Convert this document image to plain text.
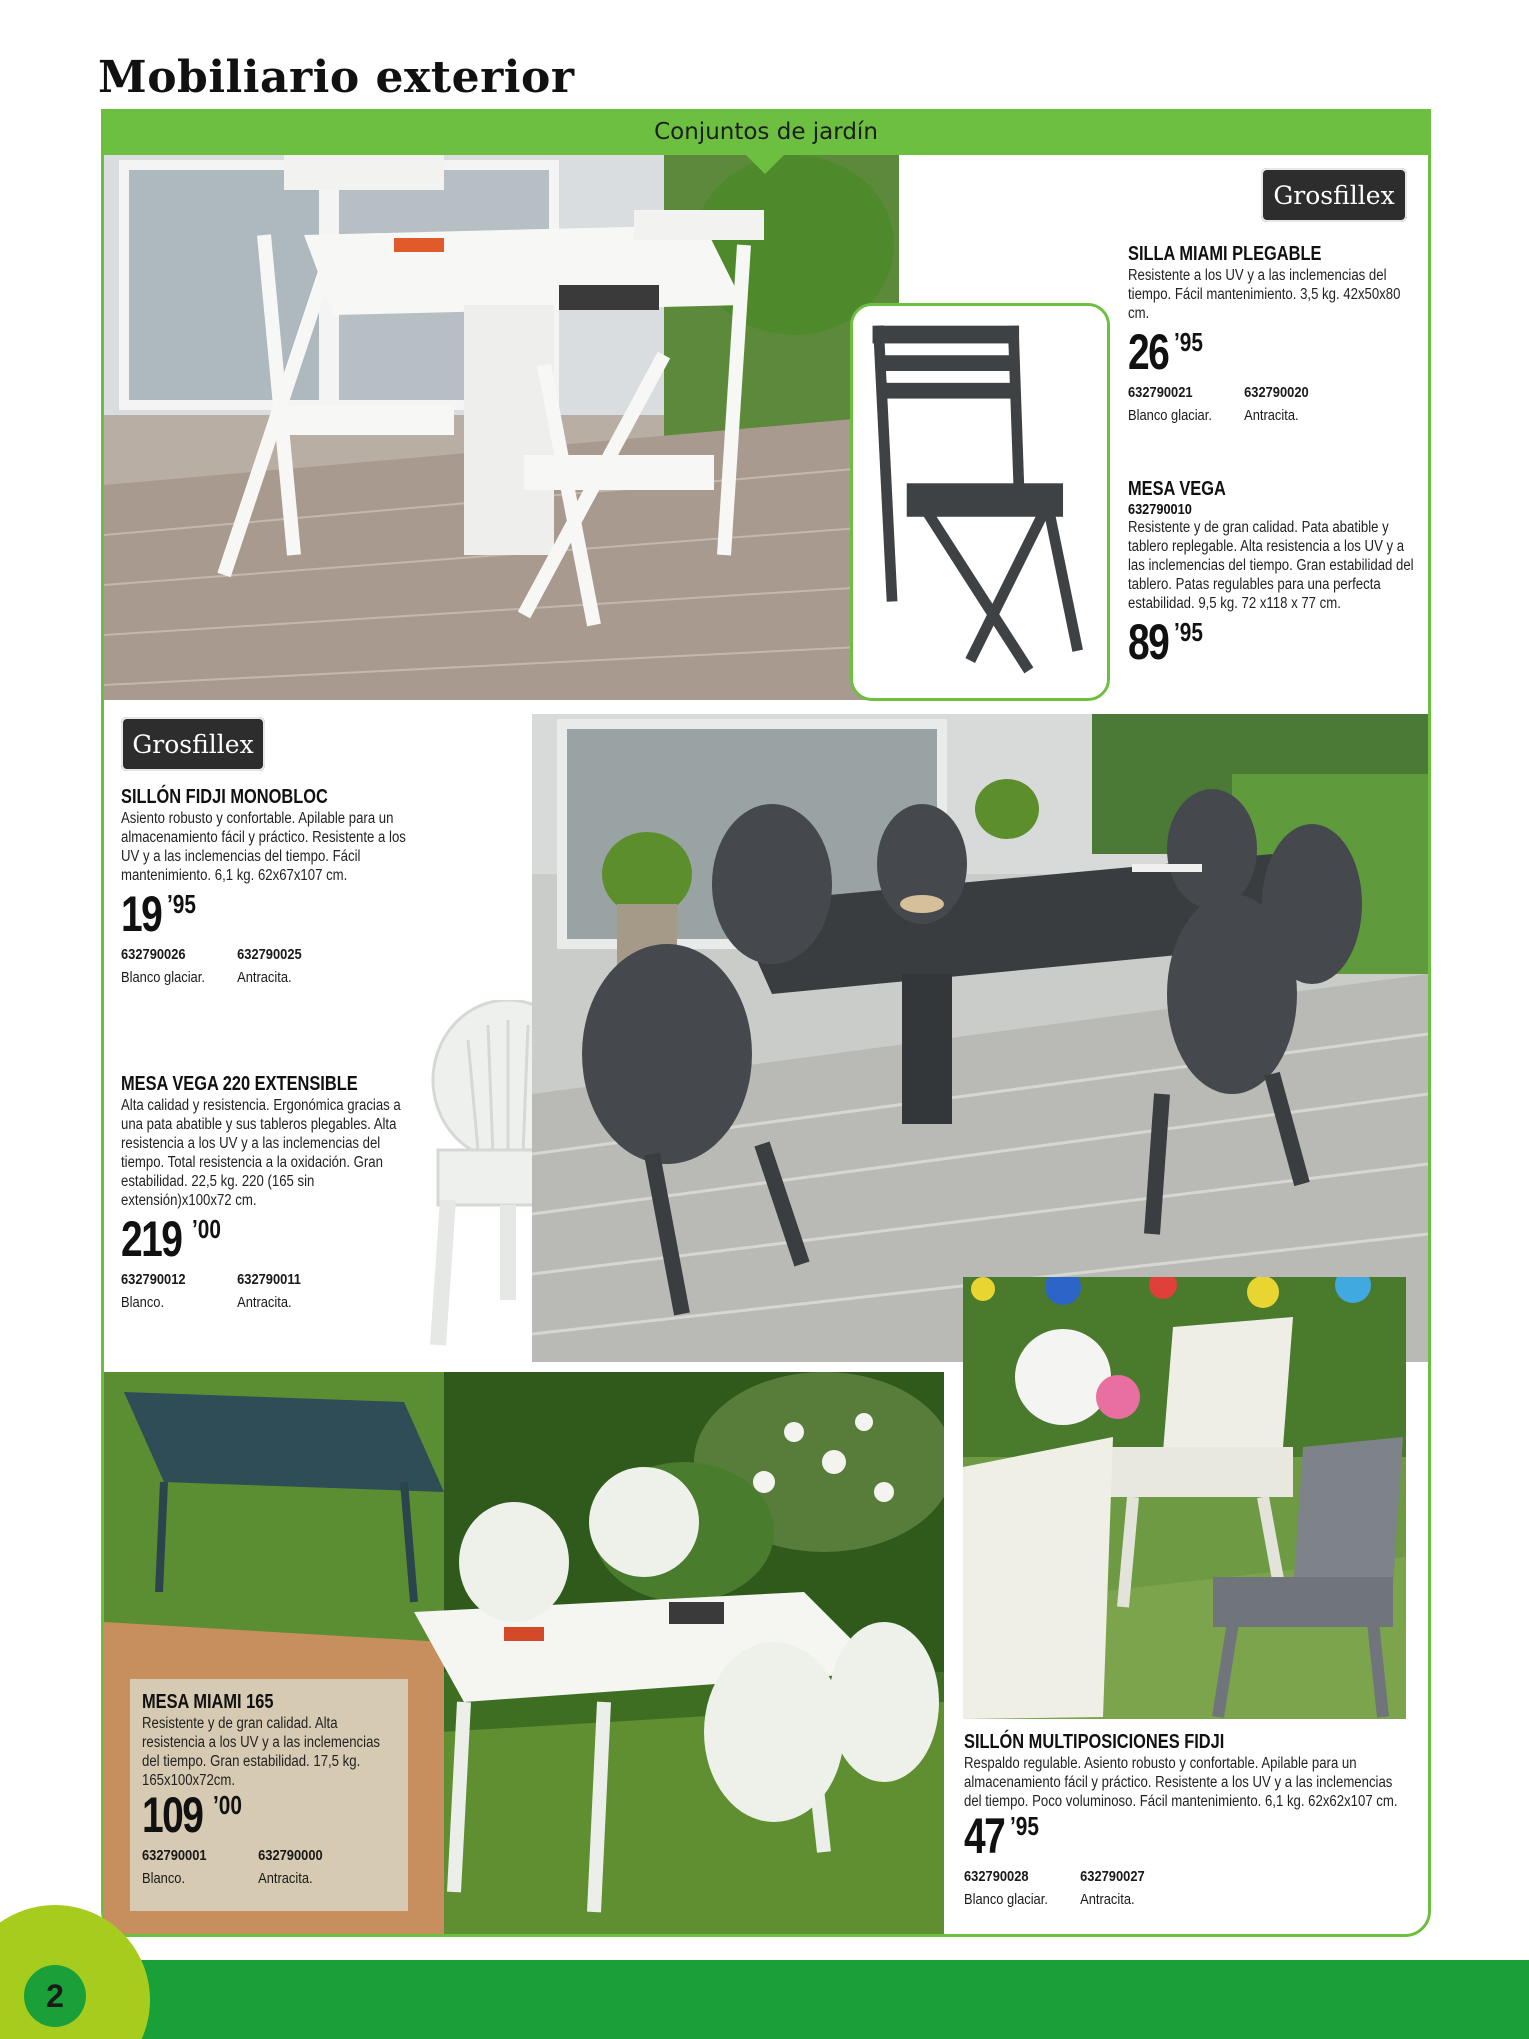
Mobiliario exterior
Grosfillex
SILLA MIAMI PLEGABLE
Resistente a los UV y a las inclemencias del tiempo. Fácil mantenimiento. 3,5 kg. 42x50x80 cm.
26 ’95
632790021	632790020
Blanco glaciar.	Antracita.
MESA VEGA
632790010
Resistente y de gran calidad. Pata abatible y tablero replegable. Alta resistencia a los UV y a las inclemencias del tiempo. Gran estabilidad del tablero. Patas regulables para una perfecta estabilidad. 9,5 kg. 72 x118 x 77 cm.
89 ’95
Grosfillex
SILLÓN FIDJI MONOBLOC
Asiento robusto y confortable. Apilable para un almacenamiento fácil y práctico. Resistente a los UV y a las inclemencias del tiempo. Fácil mantenimiento. 6,1 kg. 62x67x107 cm.
19 ’95
632790026	632790025
Blanco glaciar.	Antracita.
MESA VEGA 220 EXTENSIBLE
Alta calidad y resistencia. Ergonómica gracias a una pata abatible y sus tableros plegables. Alta resistencia a los UV y a las inclemencias del tiempo. Total resistencia a la oxidación. Gran estabilidad. 22,5 kg. 220 (165 sin extensión)x100x72 cm.
219 ’00
632790012	632790011
Blanco.	Antracita.
MESA MIAMI 165
Resistente y de gran calidad. Alta resistencia a los UV y a las inclemencias del tiempo. Gran estabilidad. 17,5 kg. 165x100x72cm.
109 ’00
632790001	632790000
Blanco.	Antracita.
SILLÓN MULTIPOSICIONES FIDJI
Respaldo regulable. Asiento robusto y confortable. Apilable para un almacenamiento fácil y práctico. Resistente a los UV y a las inclemencias del tiempo. Poco voluminoso. Fácil mantenimiento. 6,1 kg. 62x62x107 cm.
47 ’95
632790028	632790027
Blanco glaciar.	Antracita.
Conjuntos de jardín
2
